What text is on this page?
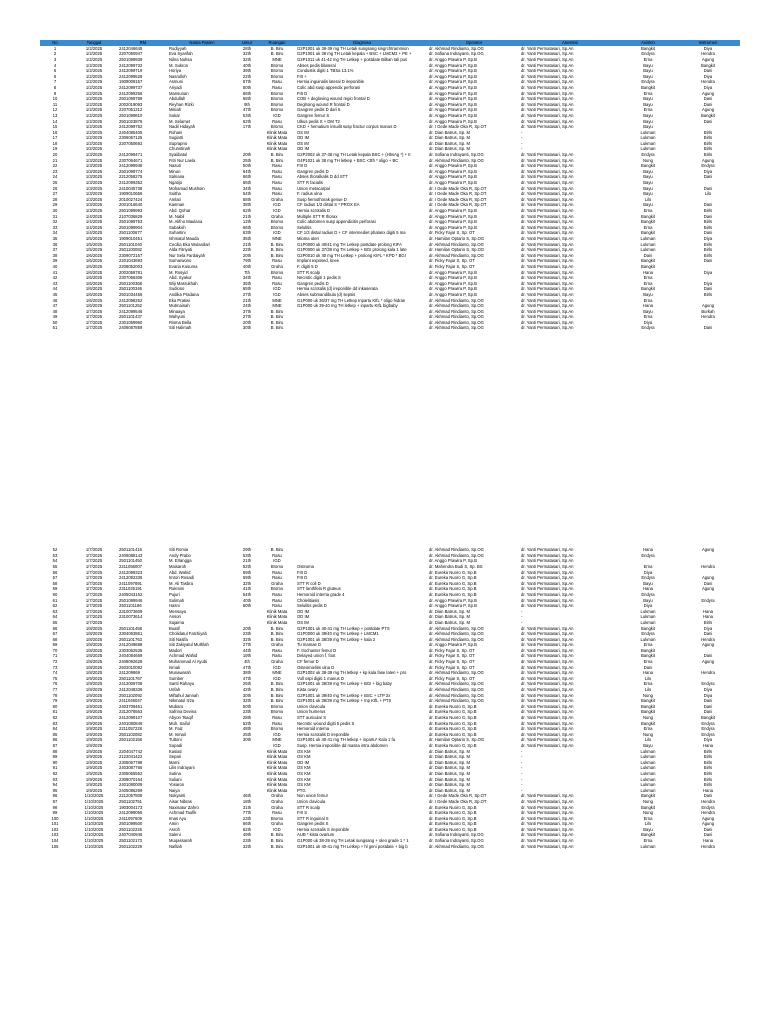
No	Tanggal	RM	Nama Pasien	Umur	Ruangan	Diagnosa	Operator	Anestesi	Asisten	Instrumen
1	1/2/2025	2412046645	Rudiyyah	28th	B. Biru	G2P1001 uk 38-39 mg TH Letak sungsang singrchtrammion	dr. Akhmad Rindianto, Sp.OG	dr. Yanti Permatasari, Sp.An	Bangkit	Diya
2	1/2/2025	2207050947	Eva Syarifah	32th	B. Biru	G2P1001 uk 38 mg TH Letak kepala + BSC + LMCM2 + PE +	dr. Sofiana Indrayanti, Sp.OG	dr. Yanti Permatasari, Sp.An	Endyra	Hendra
3	1/2/2025	2501099939	Nilna Nuhsa	32th	MNE	G2P1011 uk 41-42 mg TH Letkep + postdate Bilkan tali pus	dr. Anggo Prawira P, Sp.B	dr. Yanti Permatasari, Sp.An	Erna	Agung
4	1/2/2025	2412099732	M. Sukron	40th	Bromo	Abses pedis bilateral	dr. Anggo Prawira P, Sp.B	dr. Yanti Permatasari, Sp.An	Bayu	Bangkit
5	1/2/2025	2412099719	Horiya	39th	Bromo	Condustis digiti 1 TBSa 13.1%	dr. Anggo Prawira P, Sp.B	dr. Yanti Permatasari, Sp.An	Bayu	Dani
6	1/2/2025	2412099528	Nasrulloh	22th	Bromo	FIII +	dr. Anggo Prawira P, Sp.B	dr. Yanti Permatasari, Sp.An	Bayu	Diya
7	1/2/2025	1908009157	Asmuni	67th	Rasu	Hernia inguinalis lateral D ireponible	dr. Anggo Prawira P, Sp.B	dr. Yanti Permatasari, Sp.An	Endyra	Hendra
8	1/2/2025	2412099737	Ariyadi	50th	Rasu	Colic abd susp appendix perforasi	dr. Anggo Prawira P, Sp.B	dr. Yanti Permatasari, Sp.An	Bangkit	Diya
9	1/2/2025	2412099256	Mansunan	66th	Bromo	FIII D	dr. Anggo Prawira P, Sp.B	dr. Yanti Permatasari, Sp.An	Erna	Agung
10	1/2/2025	2501099789	Abdullah	68th	Bromo	COB + degloving wound regio frontal D	dr. Anggo Prawira P, Sp.B	dr. Yanti Permatasari, Sp.An	Bayu	Dani
11	1/2/2025	2002019093	Reyhan Rizki	9th	Bromo	Deglroing wound R frontal D	dr. Anggo Prawira P, Sp.B	dr. Yanti Permatasari, Sp.An	Bayu	Dani
12	1/2/2025	2207051312	Misiah	47th	Bromo	Gangren pedis D dari 5	dr. Anggo Prawira P, Sp.B	dr. Yanti Permatasari, Sp.An	Erna	Agung
13	1/2/2025	2501099810	Sukar	53th	IGD	Gangren femur S	dr. Anggo Prawira P, Sp.B	dr. Yanti Permatasari, Sp.An	Bayu	Bangkit
14	1/2/2025	2501023876	M. Selamet	62th	Rasu	Ulkus pedis S + DM T2	dr. Anggo Prawira P, Sp.B	dr. Yanti Permatasari, Sp.An	Bayu	Dani
15	1/2/2025	2412099752	Nadil Hidayah	17th	Bromo	CKD + hematium insuilit susp fractur corpus manus D	dr. I Gede Made Oka R, Sp.OT	dr. Yanti Permatasari, Sp.An	Bayu	
16	1/2/2025	2404085405	Rohani		Klinik Mata	OS IM	dr. Dian Batrus, Sp. M	-	Lukman	Birls
17	1/2/2025	2306067125	Sugiarti		Klinik Mata	OD IM	dr. Dian Batrus, Sp. M	-	Lukman	Birls
18	1/2/2025	2207050692	Suprapno		Klinik Mata	OS IM	dr. Dian Batrus, Sp. M	-	Lukman	Birls
19	1/2/2025		Chunstinah		Klinik Mata	OD IM	dr. Dian Batrus, Sp. M	-	Lukman	Birls
20	1/3/2025	2412099471	Syaiibatul	20th	B. Biru	G2P2002 uk 37-38 mg TH Letak kepala BSC + (HbsAg *) + II	dr. Sofiana Indrayanti, Sp.OG	dr. Yanti Permatasari, Sp.An	Endyra	Birls
21	1/3/2025	2307064671	Fitri Nur Laela	25th	B. Biru	G4P1021 uk 38 mg TH letkep + BSC <3th * oligo + BC	dr. Akhmad Rindianto, Sp.OG	dr. Yanti Permatasari, Sp.An	Nung	Agung
22	1/3/2025	2412099946	Nasuri	50th	Rasu	FIII D	dr. Anggo Prawira P, Sp.B	dr. Yanti Permatasari, Sp.An	Bangkit	Endyra
23	1/3/2025	2501099774	Minun	64th	Rasu	Gangren pedis D	dr. Anggo Prawira P, Sp.B	dr. Yanti Permatasari, Sp.An	Bayu	Diya
24	1/3/2025	2212058275	Salnana	66th	Rasu	Abses thoralkalis D dd STT	dr. Anggo Prawira P, Sp.B	dr. Yanti Permatasari, Sp.An	Bayu	Dani
25	1/3/2025	2412099352	Ngatijo	56th	Rasu	STT R facialis	dr. Anggo Prawira P, Sp.B	dr. Yanti Permatasari, Sp.An	Bayu	
26	1/3/2025	2410045738	Mohamad Mushoin	34th	Rasu	Union metacarpal	dr. I Gede Made Oka R, Sp.OT	dr. Yanti Permatasari, Sp.An	Bayu	Dani
27	1/3/2025	1909010656	Suitha	54th	Rasu	F. radius ulna	dr. I Gede Made Oka R, Sp.OT	dr. Yanti Permatasari, Sp.An	Bayu	Lilo
28	1/3/2025	2010027424	Amlati	58th	Graha	Susp hemothorak genue D	dr. I Gede Made Oka R, Sp.OT	dr. Yanti Permatasari, Sp.An	Lilo	
29	1/3/2025	2001016640	Kasman	38th	IGD	CF radius 1/3 distal S * PROX EA	dr. I Gede Made Oka R, Sp.OT	dr. Yanti Permatasari, Sp.An	Bayu	Dani
30	1/3/2025	2501099993	Abd. Qohar	62th	IGD	Hernia scrotalis D	dr. Anggo Prawira P, Sp.B	dr. Yanti Permatasari, Sp.An	Erna	Birls
31	1/4/2025	2107036829	M. Nabil	21th	Graha	Multiple STT R thorax	dr. Anggo Prawira P, Sp.B	dr. Yanti Permatasari, Sp.An	Bangkit	Dani
32	1/4/2025	2501099753	M. Alifno Maulana	12th	Bromo	Colic abdomen susp appendicitis perforasi	dr. Anggo Prawira P, Sp.B	dr. Yanti Permatasari, Sp.An	Bangkit	Birls
33	1/4/2025	2501099904	Sabakoh	66th	Bromo	Selulitis	dr. Anggo Prawira P, Sp.B	dr. Yanti Permatasari, Sp.An	Erna	Birls
34	1/4/2025	2501100677	Suhartini	63th	IGD	CF 1/3 distal radius D + CF intermediet phalanx digiti 5 ma	dr. Ficky Fajar S, Sp. OT	dr. Yanti Permatasari, Sp.An	Bangkit	Dani
35	1/5/2025	1909010451	Ishmatul Mauda	35th	MNE	Mioma uteri	dr. Hamilan Optario S, Sp.OG	dr. Yanti Permatasari, Sp.An	Lukman	Diya
36	1/5/2025	2501101040	Cecilia Eka Wulandari	21th	B. Biru	G1P0000 uk 40/41 mg TH Letkep postdate prolong KIFA	dr. Akhmad Rindianto, Sp.OG	dr. Yanti Permatasari, Sp.An	Lukman	Birls
37	1/5/2025	2501100082	Alda Fitriyati	22th	B. Biru	G1P0000 uk 37/38 mg TH Letkep + BGI prolong kala 1 late	dr. Hamilan Optario S, Sp.OG	dr. Yanti Permatasari, Sp.An	Lukman	Birls
38	1/6/2025	2309072157	Nur Sela Fardaiyah	20th	B. Biru	G2P0010 uk 40 mg TH Letkep + prolong KIFL * KPD * BGI	dr. Akhmad Rindianto, Sp.OG	dr. Yanti Permatasari, Sp.An	Dani	Birls
39	1/6/2025	2201043693	Sumarwono	79th	Rasu	Implant exposed, knee	dr. Ficky Fajar S, Sp. OT	dr. Yanti Permatasari, Sp.An	Bangkit	Dani
40	1/6/2025	2208052003	Evaria Kusuma	40th	Graha	F. digiti 5 D	dr. Ficky Fajar S, Sp. OT	dr. Yanti Permatasari, Sp.An	Bangkit	
41	1/6/2025	2002058781	M. Rosyid	7th	Bromo	STT R scalp	dr. Anggo Prawira P, Sp.B	dr. Yanti Permatasari, Sp.An	Hana	Diya
42	1/6/2025	2307066306	Abd. Syakur	34th	Rasu	Necrotic digiti 1 pedis S	dr. Anggo Prawira P, Sp.B	dr. Yanti Permatasari, Sp.An	Erna	
43	1/6/2025	2501100368	Wiji Masrukhah	35th	Rasu	Gangren pedis D	dr. Anggo Prawira P, Sp.B	dr. Yanti Permatasari, Sp.An	Erna	Diya
44	1/6/2025	2501100346	Sudiono	65th	IGD	Hernia scrotalis (d) ireponible dd inkaserata	dr. Anggo Prawira P, Sp.B	dr. Yanti Permatasari, Sp.An	Bangkit	Dani
45	1/6/2025	2501034456	Andika Pradana	27th	IGD	Abses submandibula (d) sepsis	dr. Anggo Prawira P, Sp.B	dr. Yanti Permatasari, Sp.An	Bayu	Birls
46	1/6/2025	2412098252	Eka Pratiwi	21th	MNE	G1P000 uk 36/37 mg TH Letkep Inpartu KIfL * oligo hidran	dr. Akhmad Rindianto, Sp.OG	dr. Yanti Permatasari, Sp.An	Erna	
47	1/6/2025	2501101252	Mutmainah	24th	MNE	G1P000 uk 39-40 mg TH letkep + inpartu KIfL bigbaby	dr. Akhmad Rindianto, Sp.OG	dr. Yanti Permatasari, Sp.An	Hana	Agung
48	1/7/2025	2412099546	Minaaya	37th	B. Biru		dr. Akhmad Rindianto, Sp.OG	dr. Yanti Permatasari, Sp.An	Bayu	Burkah
49	1/7/2025	2501101437	Wahyuni	27th	B. Biru		dr. Akhmad Rindianto, Sp.OG	dr. Yanti Permatasari, Sp.An	Erna	Hendra
50	1/7/2025	2301059960	Risma Bella	20th	B. Biru		dr. Akhmad Rindianto, Sp.OG	dr. Yanti Permatasari, Sp.An	Diya	
51	1/7/2025	2406087859	Siti Halimah	30th	B. Biru		dr. Akhmad Rindianto, Sp.OG	dr. Yanti Permatasari, Sp.An	Endyra	Dani
52	1/7/2025	2501101416	Siti Romia	29th	B. Biru		dr. Akhmad Rindianto, Sp.OG	dr. Yanti Permatasari, Sp.An	Hana	Agung
53	1/7/2025	2406088143	Andy Prabo	53th	Rasu		dr. Akhmad Rindianto, Sp.OG	dr. Yanti Permatasari, Sp.An	Endyra	
54	1/7/2025	2501101450	M. Erlangga	21th	IGD		dr. Anggo Prawira P, Sp.B	dr. Yanti Permatasari, Sp.An		
55	1/7/2025	2211056007	Maisaroh	52th	Bromo	Osteoma	dr. Mahendra Budi S, Sp. BS	dr. Yanti Permatasari, Sp.An	Erna	Hendra
56	1/7/2025	2412099323	Abd. Wahid	69th	Rasu	FIII D	dr. Eureka Nuoro G, Sp.B	dr. Yanti Permatasari, Sp.An	Diya	
57	1/7/2025	2412092336	Imron Rosadi	59th	Rasu	FIII D	dr. Eureka Nuoro G, Sp.B	dr. Yanti Permatasari, Sp.An	Endyra	Agung
58	1/7/2025	2411097891	M. Ali Tasbra	32th	Graha	STT R coli D	dr. Eureka Nuoro G, Sp.B	dr. Yanti Permatasari, Sp.An	Bayu	Dani
59	1/7/2025	2311025191	Rukmini	41th	Bromo	STT lanthfela R gluteus	dr. Eureka Nuoro G, Sp.B	dr. Yanti Permatasari, Sp.An	Hana	Agung
60	1/7/2025	2405043152	Pujuri	54th	Rasu	Hemoroid interna grade 4	dr. Eureka Nuoro G, Sp.B	dr. Yanti Permatasari, Sp.An	Endyra	
61	1/7/2025	2501099946	Sulimah	40th	Rasu	Cholelitiasis	dr. Anggo Prawira P, Sp.B	dr. Yanti Permatasari, Sp.An	Bayu	Endyra
62	1/7/2025	2501101186	Hasni	60th	Rasu	Selulitis pedis D	dr. Anggo Prawira P, Sp.B	dr. Yanti Permatasari, Sp.An	Diya	
63	1/7/2025	2310073609	Mensaya		Klinik Mata	OD IM	dr. Dian Batrus, Sp. M	-	Lukman	Hana
64	1/7/2025	2310073614	Ansori		Klinik Mata	OD IM	dr. Dian Batrus, Sp. M	-	Lukman	Hana
65	1/7/2025		Sujaima		Klinik Mata	OS IM	dr. Dian Batrus, Sp. M	-	Lukman	Birls
66	1/8/2025	2501101458	Buatif	20th	B. Biru	G2P1001 uk 40-41 mg TH Letkep + postdate PTS	dr. Akhmad Rindianto, Sp.OG	dr. Yanti Permatasari, Sp.An	Bangkit	Diya
67	1/8/2025	2304063861	Cholidatul Fatchiyah	23th	B. Biru	G1P0000 uk 39/40 mg TH Letkep + LMCM1	dr. Akhmad Rindianto, Sp.OG	dr. Yanti Permatasari, Sp.An	Endyra	Dani
68	1/8/2025	2501101763	Siti Nasifa	32th	B. Biru	G2P1001 uk 38/39 mg TH Letkep + kala 2	dr. Akhmad Rindianto, Sp.OG	dr. Yanti Permatasari, Sp.An	Lukman	Hendra
69	1/8/2025	2412049688	Siti Zakiyatul Muthlah	27th	Graha	Tu mamae D	dr. Anggo Prawira P, Sp.B	dr. Yanti Permatasari, Sp.An	Erna	Agung
70	1/8/2025	2303062535	Madori	44th	Rasu	F. trochanter femur D	dr. Ficky Fajar S, Sp. OT	dr. Yanti Permatasari, Sp.An	Bangkit	
71	1/8/2025	2404084669	Achmad Wahid	19th	Rasu	Delayed union f. foot	dr. Ficky Fajar S, Sp. OT	dr. Yanti Permatasari, Sp.An	Bangkit	Dani
72	1/8/2025	2408092628	Muhammad Al Ayubi	4th	Graha	CF femur D	dr. Ficky Fajar S, Sp. OT	dr. Yanti Permatasari, Sp.An	Erna	Agung
73	1/8/2025	2502010092	Ismali	47th	IGD	Osteomielitis ulna D	dr. Ficky Fajar S, Sp. OT	dr. Yanti Permatasari, Sp.An	Dani	
74	1/8/2025	241209869	Munawarah	38th	MNE	G2P1002 uk 38-39 mg TH letkep + kp kala fase laten + pro	dr. Akhmad Rindianto, Sp.OG	dr. Yanti Permatasari, Sp.An	Hana	Hendra
75	1/9/2025	2501101767	Sumber	47th	IGD	Vull ospi digiti 1 manus D	dr. Ficky Fajar S, Sp. OT	dr. Yanti Permatasari, Sp.An	Lilo	
76	1/9/2025	2412009708	Santi Rahayu	25th	B. Biru	G2P1001 uk 38/39 mg TH Letkep + BGI + big baby	dr. Akhmad Rindianto, Sp.OG	dr. Yanti Permatasari, Sp.An	Erna	Endyra
77	1/9/2025	2412048336	Unfah	42th	B. Biru	Kista ovary	dr. Akhmad Rindianto, Sp.OG	dr. Yanti Permatasari, Sp.An	Lilo	Diya
78	1/9/2025	2501102092	Miftahul Jannah	30th	B. Biru	G2P1001 uk 39/40 mg TH Letkep + BSC + LTP 2x	dr. Akhmad Rindianto, Sp.OG	dr. Yanti Permatasari, Sp.An	Nung	Diya
79	1/9/2025	2411046047	Nikmatul Izza	32th	B. Biru	G2P1001 uk 38/39 mg TH Letkep + Inp KIfL + PTS	dr. Akhmad Rindianto, Sp.OG	dr. Yanti Permatasari, Sp.An	Bangkit	Dani
80	1/9/2025	2403709461	Mubaro	50th	Bromo	Union clavicula	dr. Eureka Nuoro G, Sp.B	dr. Yanti Permatasari, Sp.An	Bangkit	Dani
81	1/9/2025	2312078563	Safrina Devina	23th	Bromo	Union humerus	dr. Eureka Nuoro G, Sp.B	dr. Yanti Permatasari, Sp.An	Bangkit	Dani
82	1/9/2025	2412099107	Abyon Tsaqif	28th	Rasu	STT auricular S	dr. Eureka Nuoro G, Sp.B	dr. Yanti Permatasari, Sp.An	Nung	Bangkit
83	1/9/2025	2401080846	Muh. Saiful	52th	Rasu	Necrotic wound digiti 5 pedis S	dr. Eureka Nuoro G, Sp.B	dr. Yanti Permatasari, Sp.An	Bangkit	Endyra
84	1/9/2025	2211057228	M. Faiz	48th	Bromo	Hemoroid interna	dr. Eureka Nuoro G, Sp.B	dr. Yanti Permatasari, Sp.An	Erna	Endyra
85	1/9/2025	2501102082	M. Ismail	25th	IGD	Hernia scrotalis D ireponible	dr. Eureka Nuoro G, Sp.B	dr. Yanti Permatasari, Sp.An	Nung	Endyra
86	1/9/2025	2501102158	Tuttoni	30th	MNE	G2P1001 uk 40-41 mg TH letkep + inpartu* Kala 1 fa	dr. Hamilan Optario S, Sp.OG	dr. Yanti Permatasari, Sp.An	Lilo	Diya
87	1/9/2025		Supadi		IGD	Susp. Hernia ireponible dd massa intra abdomen	dr. Eureka Nuoro G, Sp.B	dr. Yanti Permatasari, Sp.An	Bayu	Hana
88	1/9/2025	2204047742	Kasiati		Klinik Mata	OS KM	dr. Dian Batrus, Sp. M	-	Lukman	Birls
89	1/9/2025	2122041422	Separi		Klinik Mata	OS KM	dr. Dian Batrus, Sp. M	-	Lukman	Birls
90	1/9/2025	2305067788	Marni		Klinik Mata	OD IM	dr. Dian Batrus, Sp. M	-	Lukman	Birls
91	1/9/2025	2403087766	Lilis Indrayani		Klinik Mata	OS KM	dr. Dian Batrus, Sp. M	-	Lukman	Birls
92	1/9/2025	2305065552	Sutina		Klinik Mata	OS KM	dr. Dian Batrus, Sp. M	-	Lukman	Birls
93	1/9/2025	2308070164	Suliani		Klinik Mata	OS KM	dr. Dian Batrus, Sp. M	-	Lukman	Birls
94	1/9/2025	2401080009	Yosaron		Klinik Mata	OS KM	dr. Dian Batrus, Sp. M	-	Lukman	Birls
95	1/9/2025	2405086299	Naiya		Klinik Mata	PTG	dr. Dian Batrus, Sp. M	-	Lukman	Hana
96	1/10/2025	2212057808	Nokyanti	46th	Graha	Non union femur	dr. I Gede Made Oka R, Sp.OT	dr. Yanti Permatasari, Sp.An	Bangkit	Dani
97	1/10/2025	2501102751	Aisar Nibras	18th	Graha	Union clavicula	dr. I Gede Made Oka R, Sp.OT	dr. Yanti Permatasari, Sp.An	Nung	Hendra
98	1/10/2025	1903004173	Naxisatur Zahro	31th	Graha	STT R scalp	dr. Eureka Nuoro G, Sp.B	dr. Yanti Permatasari, Sp.An	Bangkit	Endyra
99	1/10/2025	2412099055	Achmad Taufik	77th	Rasu	FIII S	dr. Eureka Nuoro G, Sp.B	dr. Yanti Permatasari, Sp.An	Nung	Hendra
100	1/10/2025	2411097609	Imas Ayu	23th	Bromo	STT R inguinal S	dr. Eureka Nuoro G, Sp.B	dr. Yanti Permatasari, Sp.An	Erna	Agung
101	1/10/2025	2501099500	Amin	66th	Graha	Gangren pedis S	dr. Eureka Nuoro G, Sp.B	dr. Yanti Permatasari, Sp.An	Lilo	Agung
102	1/10/2025	2501102226	Asroh	62th	IGD	Hernia scrotalis S ireponible	dr. Eureka Nuoro G, Sp.B	dr. Yanti Permatasari, Sp.An	Bayu	Dani
103	1/10/2025	2407040946	Saleni	49th	B. Biru	AUB * kista ovarium	dr. Sofiana Indrayanti, Sp.OG	dr. Yanti Permatasari, Sp.An	Bangkit	Dani
104	1/10/2025	2501102173	Muqassarah	23th	B. Biru	G1P000 uk 38-39 mg TH Letak sungsang + oleo grade 1 * 1	dr. Sofiana Indrayanti, Sp.OG	dr. Yanti Permatasari, Sp.An	Erna	Hana
105	1/10/2025	2501102229	Nafilah	32th	B. Biru	G2P1001 uk 40-41 mg TH Letkep + hl geni postdate + big b	dr. Akhmad Rindianto, Sp.OG	dr. Yanti Permatasari, Sp.An	Lukman	Hendra
